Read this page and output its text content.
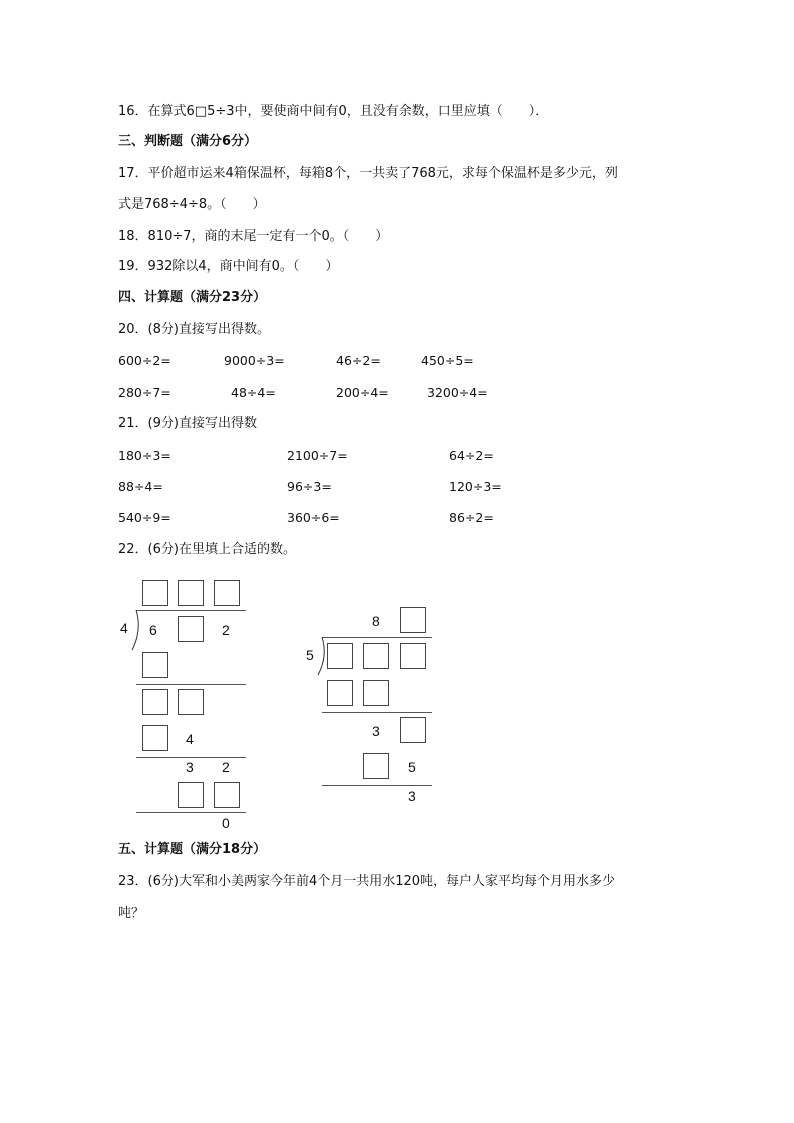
16．在算式6□5÷3中，要使商中间有0，且没有余数，口里应填（　　）．
三、判断题（满分6分）
17．平价超市运来4箱保温杯，每箱8个，一共卖了768元，求每个保温杯是多少元，列
式是768÷4÷8。（　　）
18．810÷7，商的末尾一定有一个0。（　　）
19．932除以4，商中间有0。（　　）
四、计算题（满分23分）
20．(8分)直接写出得数。
600÷2=	9000÷3=	46÷2=	450÷5=
280÷7=	48÷4=	200÷4=	3200÷4=
21．(9分)直接写出得数
180÷3=	2100÷7=	64÷2=
88÷4=	96÷3=	120÷3=
540÷9=	360÷6=	86÷2=
22．(6分)在里填上合适的数。
4 6	2
4
3 2
0
8
5
3
5
3
五、计算题（满分18分）
23．(6分)大军和小美两家今年前4个月一共用水120吨，每户人家平均每个月用水多少
吨？
